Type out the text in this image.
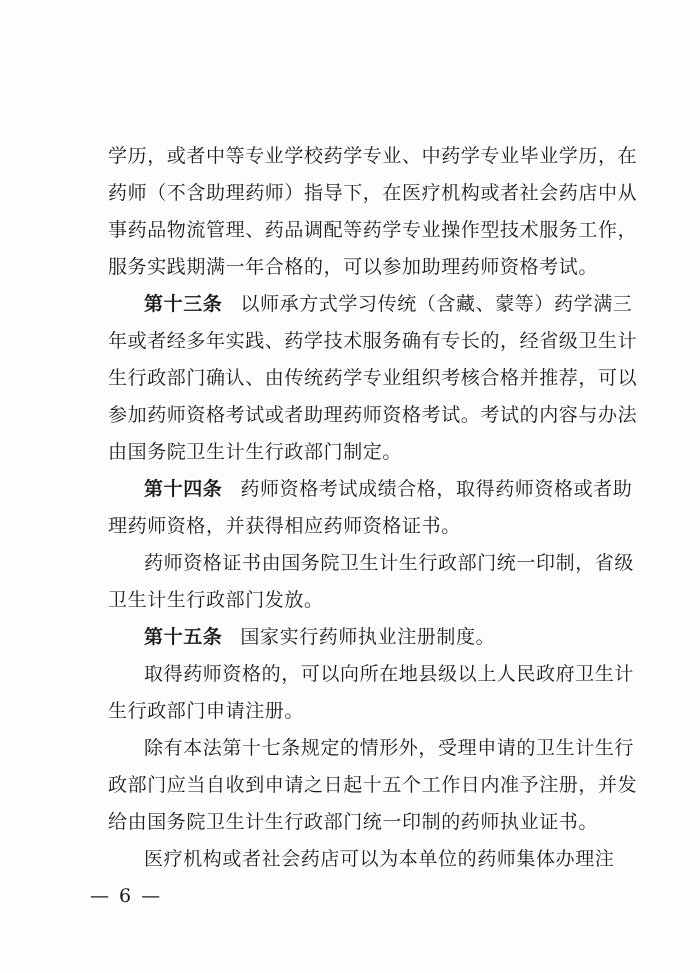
学历，或者中等专业学校药学专业、中药学专业毕业学历，在
药师（不含助理药师）指导下，在医疗机构或者社会药店中从
事药品物流管理、药品调配等药学专业操作型技术服务工作，
服务实践期满一年合格的，可以参加助理药师资格考试。
第十三条 以师承方式学习传统（含藏、蒙等）药学满三
年或者经多年实践、药学技术服务确有专长的，经省级卫生计
生行政部门确认、由传统药学专业组织考核合格并推荐，可以
参加药师资格考试或者助理药师资格考试。考试的内容与办法
由国务院卫生计生行政部门制定。
第十四条 药师资格考试成绩合格，取得药师资格或者助
理药师资格，并获得相应药师资格证书。
药师资格证书由国务院卫生计生行政部门统一印制，省级
卫生计生行政部门发放。
第十五条 国家实行药师执业注册制度。
取得药师资格的，可以向所在地县级以上人民政府卫生计
生行政部门申请注册。
除有本法第十七条规定的情形外，受理申请的卫生计生行
政部门应当自收到申请之日起十五个工作日内准予注册，并发
给由国务院卫生计生行政部门统一印制的药师执业证书。
医疗机构或者社会药店可以为本单位的药师集体办理注
— 6 —
